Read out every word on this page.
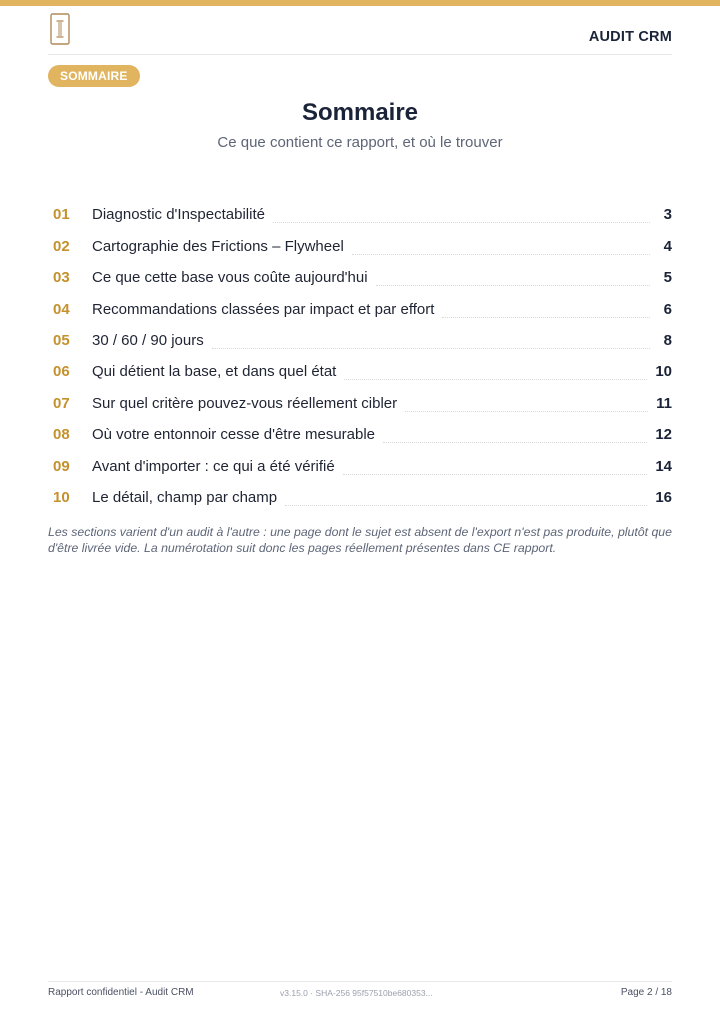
AUDIT CRM
SOMMAIRE
Sommaire
Ce que contient ce rapport, et où le trouver
01	Diagnostic d'Inspectabilité	3
02	Cartographie des Frictions – Flywheel	4
03	Ce que cette base vous coûte aujourd'hui	5
04	Recommandations classées par impact et par effort	6
05	30 / 60 / 90 jours	8
06	Qui détient la base, et dans quel état	10
07	Sur quel critère pouvez-vous réellement cibler	11
08	Où votre entonnoir cesse d'être mesurable	12
09	Avant d'importer : ce qui a été vérifié	14
10	Le détail, champ par champ	16
Les sections varient d'un audit à l'autre : une page dont le sujet est absent de l'export n'est pas produite, plutôt que d'être livrée vide. La numérotation suit donc les pages réellement présentes dans CE rapport.
Rapport confidentiel - Audit CRM	v3.15.0 · SHA-256 95f57510be680353...	Page 2 / 18
